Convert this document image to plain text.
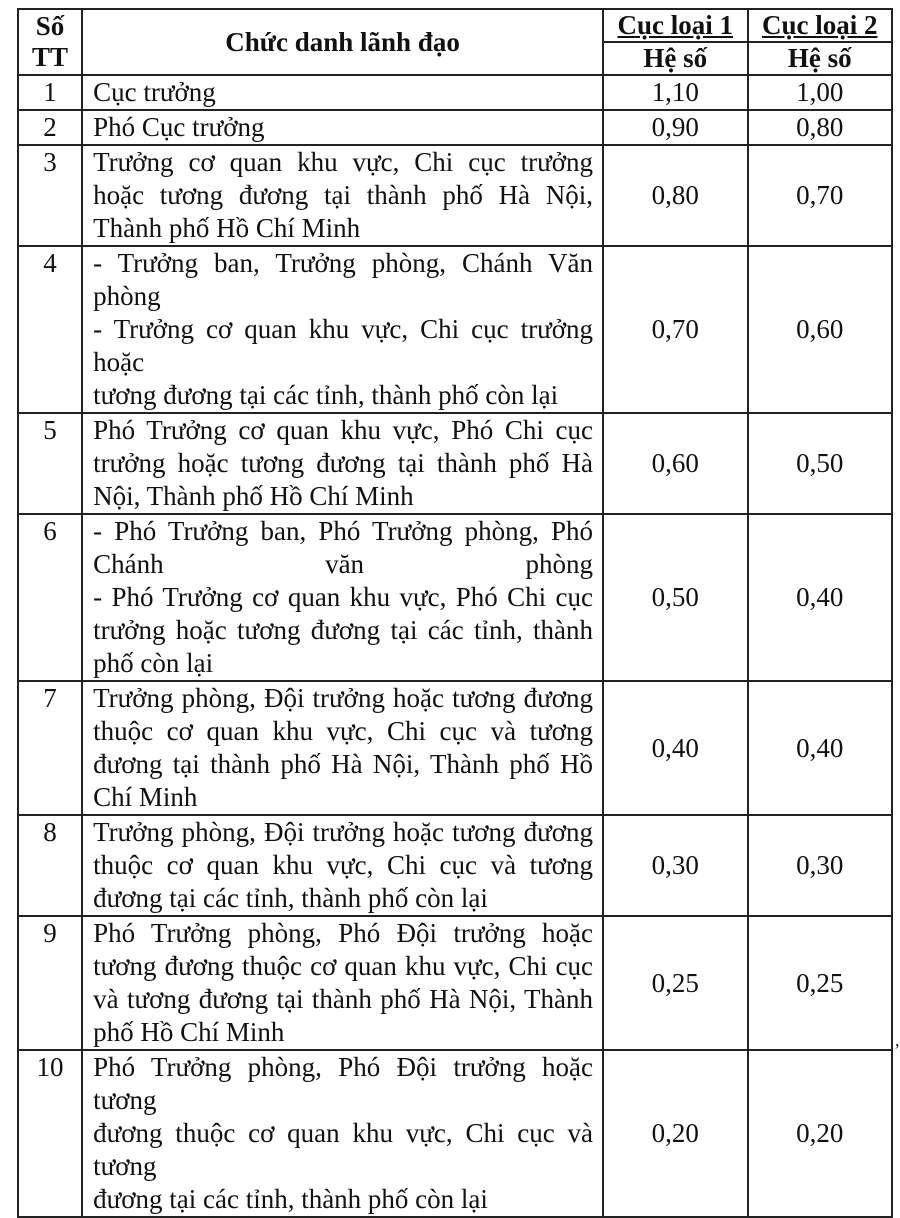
Số
TT	Chức danh lãnh đạo	Cục loại 1	Cục loại 2
		Hệ số	Hệ số
1	Cục trưởng	1,10	1,00
2	Phó Cục trưởng	0,90	0,80
3	Trưởng cơ quan khu vực, Chi cục trưởng
hoặc tương đương tại thành phố Hà Nội,
Thành phố Hồ Chí Minh	0,80	0,70
4	- Trưởng ban, Trưởng phòng, Chánh Văn phòng
- Trưởng cơ quan khu vực, Chi cục trưởng hoặc
tương đương tại các tỉnh, thành phố còn lại	0,70	0,60
5	Phó Trưởng cơ quan khu vực, Phó Chi cục
trưởng hoặc tương đương tại thành phố Hà
Nội, Thành phố Hồ Chí Minh	0,60	0,50
6	- Phó Trưởng ban, Phó Trưởng phòng, Phó
Chánh văn phòng
- Phó Trưởng cơ quan khu vực, Phó Chi cục
trưởng hoặc tương đương tại các tỉnh, thành
phố còn lại	0,50	0,40
7	Trưởng phòng, Đội trưởng hoặc tương đương
thuộc cơ quan khu vực, Chi cục và tương
đương tại thành phố Hà Nội, Thành phố Hồ
Chí Minh	0,40	0,40
8	Trưởng phòng, Đội trưởng hoặc tương đương
thuộc cơ quan khu vực, Chi cục và tương
đương tại các tỉnh, thành phố còn lại	0,30	0,30
9	Phó Trưởng phòng, Phó Đội trưởng hoặc
tương đương thuộc cơ quan khu vực, Chi cục
và tương đương tại thành phố Hà Nội, Thành
phố Hồ Chí Minh	0,25	0,25
10	Phó Trưởng phòng, Phó Đội trưởng hoặc tương
đương thuộc cơ quan khu vực, Chi cục và tương
đương tại các tỉnh, thành phố còn lại	0,20	0,20
,
